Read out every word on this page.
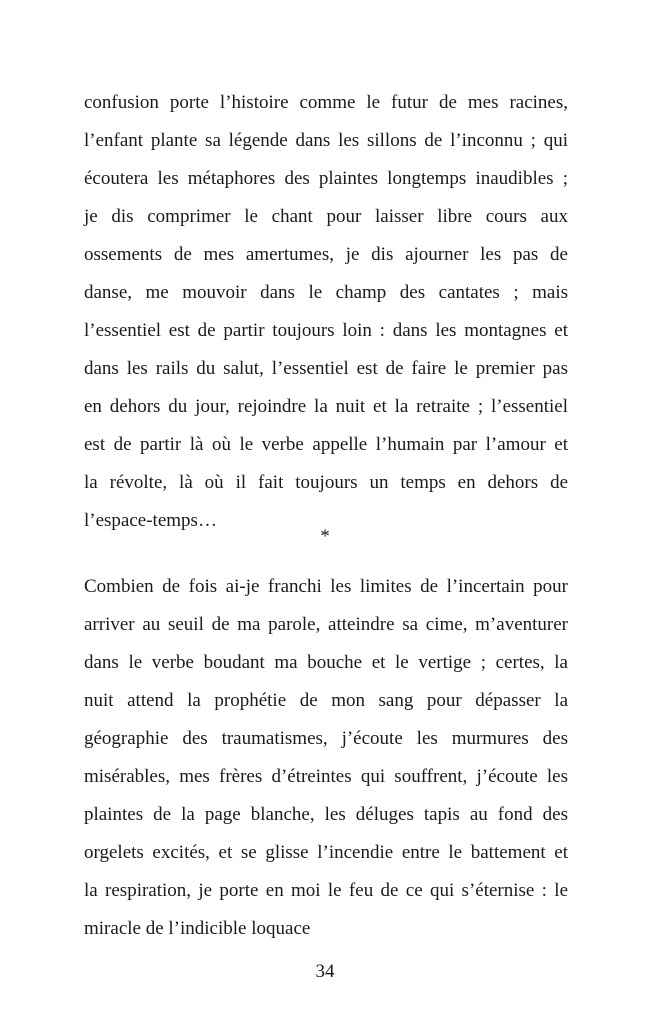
confusion porte l’histoire comme le futur de mes racines,
l’enfant plante sa légende dans les sillons de l’inconnu ; qui
écoutera les métaphores des plaintes longtemps inaudibles ;
je dis comprimer le chant pour laisser libre cours aux
ossements de mes amertumes, je dis ajourner les pas de
danse, me mouvoir dans le champ des cantates ; mais
l’essentiel est de partir toujours loin : dans les montagnes et
dans les rails du salut, l’essentiel est de faire le premier pas
en dehors du jour, rejoindre la nuit et la retraite ; l’essentiel
est de partir là où le verbe appelle l’humain par l’amour et
la révolte, là où il fait toujours un temps en dehors de
l’espace-temps…
*
Combien de fois ai-je franchi les limites de l’incertain pour
arriver au seuil de ma parole, atteindre sa cime, m’aventurer
dans le verbe boudant ma bouche et le vertige ; certes, la
nuit attend la prophétie de mon sang pour dépasser la
géographie des traumatismes, j’écoute les murmures des
misérables, mes frères d’étreintes qui souffrent, j’écoute les
plaintes de la page blanche, les déluges tapis au fond des
orgelets excités, et se glisse l’incendie entre le battement et
la respiration, je porte en moi le feu de ce qui s’éternise : le
miracle de l’indicible loquace
34
